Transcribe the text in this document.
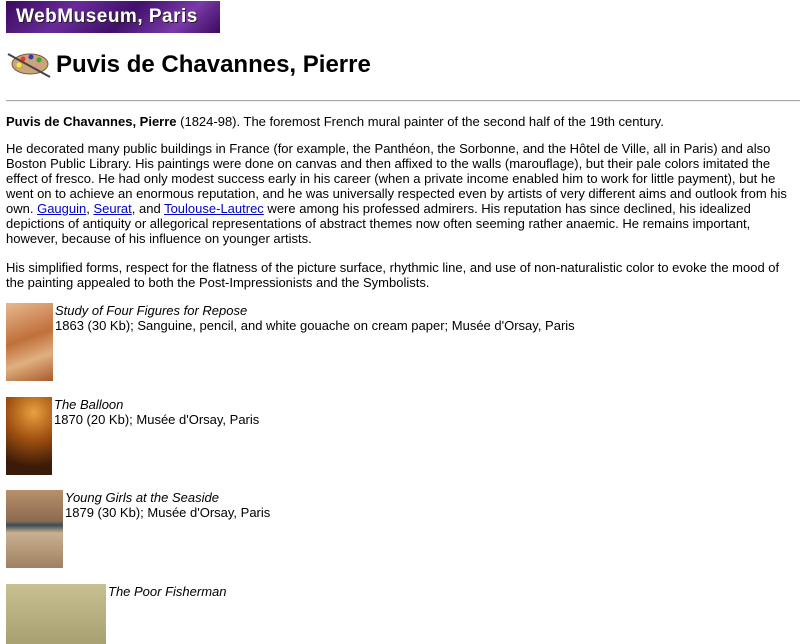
WebMuseum, Paris
Puvis de Chavannes, Pierre

Puvis de Chavannes, Pierre (1824-98). The foremost French mural painter of the second half of the 19th century.

He decorated many public buildings in France (for example, the Panthéon, the Sorbonne, and the Hôtel de Ville, all in Paris) and also Boston Public Library. His paintings were done on canvas and then affixed to the walls (marouflage), but their pale colors imitated the effect of fresco. He had only modest success early in his career (when a private income enabled him to work for little payment), but he went on to achieve an enormous reputation, and he was universally respected even by artists of very different aims and outlook from his own. Gauguin, Seurat, and Toulouse-Lautrec were among his professed admirers. His reputation has since declined, his idealized depictions of antiquity or allegorical representations of abstract themes now often seeming rather anaemic. He remains important, however, because of his influence on younger artists.

His simplified forms, respect for the flatness of the picture surface, rhythmic line, and use of non-naturalistic color to evoke the mood of the painting appealed to both the Post-Impressionists and the Symbolists.

Study of Four Figures for Repose
1863 (30 Kb); Sanguine, pencil, and white gouache on cream paper; Musée d'Orsay, Paris
The Balloon
1870 (20 Kb); Musée d'Orsay, Paris
Young Girls at the Seaside
1879 (30 Kb); Musée d'Orsay, Paris
The Poor Fisherman
